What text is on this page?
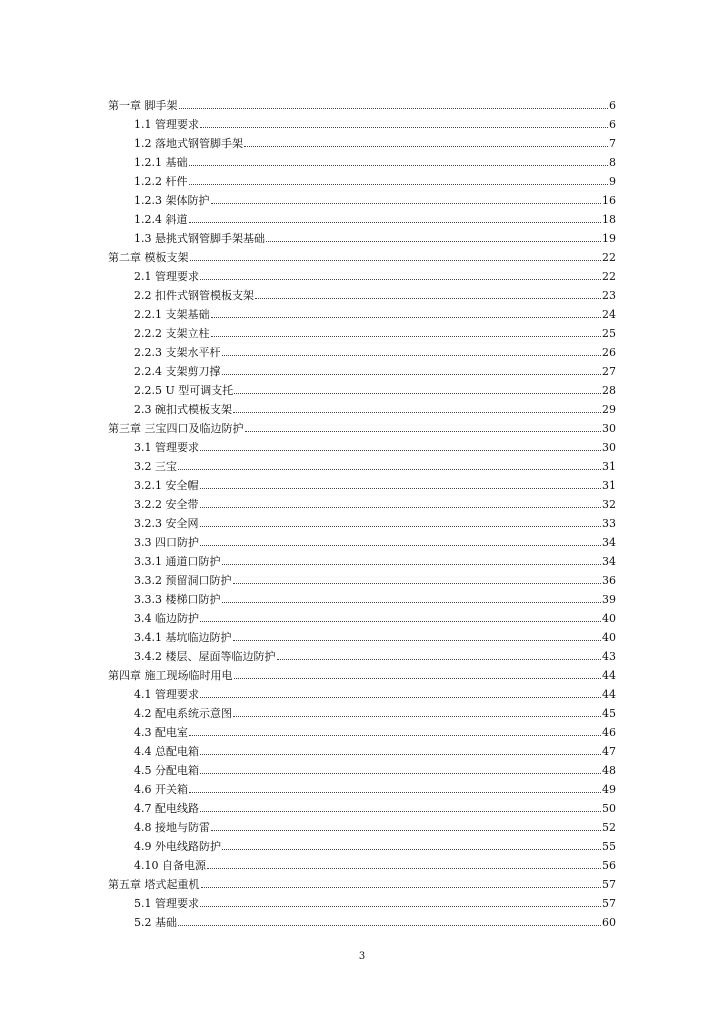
第一章 脚手架	6
1.1 管理要求	6
1.2 落地式钢管脚手架	7
1.2.1 基础	8
1.2.2 杆件	9
1.2.3 架体防护	16
1.2.4 斜道	18
1.3 悬挑式钢管脚手架基础	19
第二章 模板支架	22
2.1 管理要求	22
2.2 扣件式钢管模板支架	23
2.2.1 支架基础	24
2.2.2 支架立柱	25
2.2.3 支架水平杆	26
2.2.4 支架剪刀撑	27
2.2.5 U 型可调支托	28
2.3 碗扣式模板支架	29
第三章 三宝四口及临边防护	30
3.1 管理要求	30
3.2 三宝	31
3.2.1 安全帽	31
3.2.2 安全带	32
3.2.3 安全网	33
3.3 四口防护	34
3.3.1 通道口防护	34
3.3.2 预留洞口防护	36
3.3.3 楼梯口防护	39
3.4 临边防护	40
3.4.1 基坑临边防护	40
3.4.2 楼层、屋面等临边防护	43
第四章 施工现场临时用电	44
4.1 管理要求	44
4.2 配电系统示意图	45
4.3 配电室	46
4.4 总配电箱	47
4.5 分配电箱	48
4.6 开关箱	49
4.7 配电线路	50
4.8 接地与防雷	52
4.9 外电线路防护	55
4.10 自备电源	56
第五章 塔式起重机	57
5.1 管理要求	57
5.2 基础	60
3
